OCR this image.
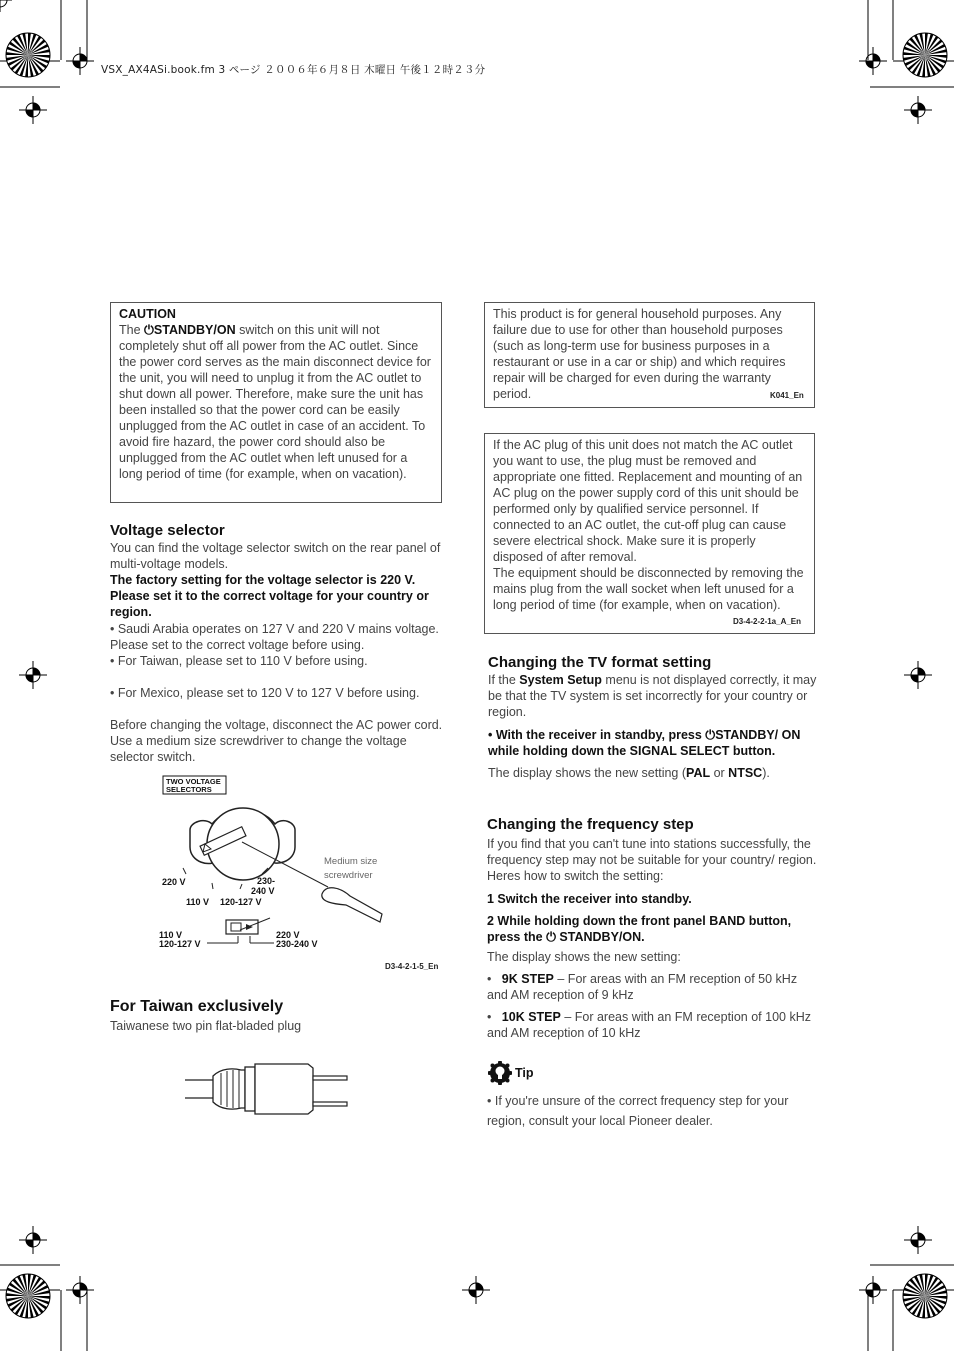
VSX_AX4ASi.book.fm 3 ページ ２００６年６月８日 木曜日 午後１２時２３分
CAUTION
The ⏻STANDBY/ON switch on this unit will not completely shut off all power from the AC outlet. Since the power cord serves as the main disconnect device for the unit, you will need to unplug it from the AC outlet to shut down all power. Therefore, make sure the unit has been installed so that the power cord can be easily unplugged from the AC outlet in case of an accident. To avoid fire hazard, the power cord should also be unplugged from the AC outlet when left unused for a long period of time (for example, when on vacation).
This product is for general household purposes. Any failure due to use for other than household purposes (such as long-term use for business purposes in a restaurant or use in a car or ship) and which requires repair will be charged for even during the warranty period.	K041_En
If the AC plug of this unit does not match the AC outlet you want to use, the plug must be removed and appropriate one fitted. Replacement and mounting of an AC plug on the power supply cord of this unit should be performed only by qualified service personnel. If connected to an AC outlet, the cut-off plug can cause severe electrical shock. Make sure it is properly disposed of after removal.
The equipment should be disconnected by removing the mains plug from the wall socket when left unused for a long period of time (for example, when on vacation).
D3-4-2-2-1a_A_En
Voltage selector
You can find the voltage selector switch on the rear panel of multi-voltage models.
The factory setting for the voltage selector is 220 V. Please set it to the correct voltage for your country or region.
• Saudi Arabia operates on 127 V and 220 V mains voltage. Please set to the correct voltage before using.
• For Taiwan, please set to 110 V before using.
• For Mexico, please set to 120 V to 127 V before using.
Before changing the voltage, disconnect the AC power cord. Use a medium size screwdriver to change the voltage selector switch.
TWO VOLTAGE
SELECTORS
220 V	230-
240 V
110 V 120-127 V
Medium size
screwdriver
110 V
120-127 V
220 V
230-240 V
D3-4-2-1-5_En
For Taiwan exclusively
Taiwanese two pin flat-bladed plug
Changing the TV format setting
If the System Setup menu is not displayed correctly, it may be that the TV system is set incorrectly for your country or region.
• With the receiver in standby, press ⏻STANDBY/ ON while holding down the SIGNAL SELECT button.
The display shows the new setting (PAL or NTSC).
Changing the frequency step
If you find that you can't tune into stations successfully, the frequency step may not be suitable for your country/ region. Heres how to switch the setting:
1 Switch the receiver into standby.
2 While holding down the front panel BAND button, press the ⏻ STANDBY/ON.
The display shows the new setting:
•   9K STEP – For areas with an FM reception of 50 kHz and AM reception of 9 kHz
•   10K STEP – For areas with an FM reception of 100 kHz and AM reception of 10 kHz
Tip
• If you're unsure of the correct frequency step for your region, consult your local Pioneer dealer.
